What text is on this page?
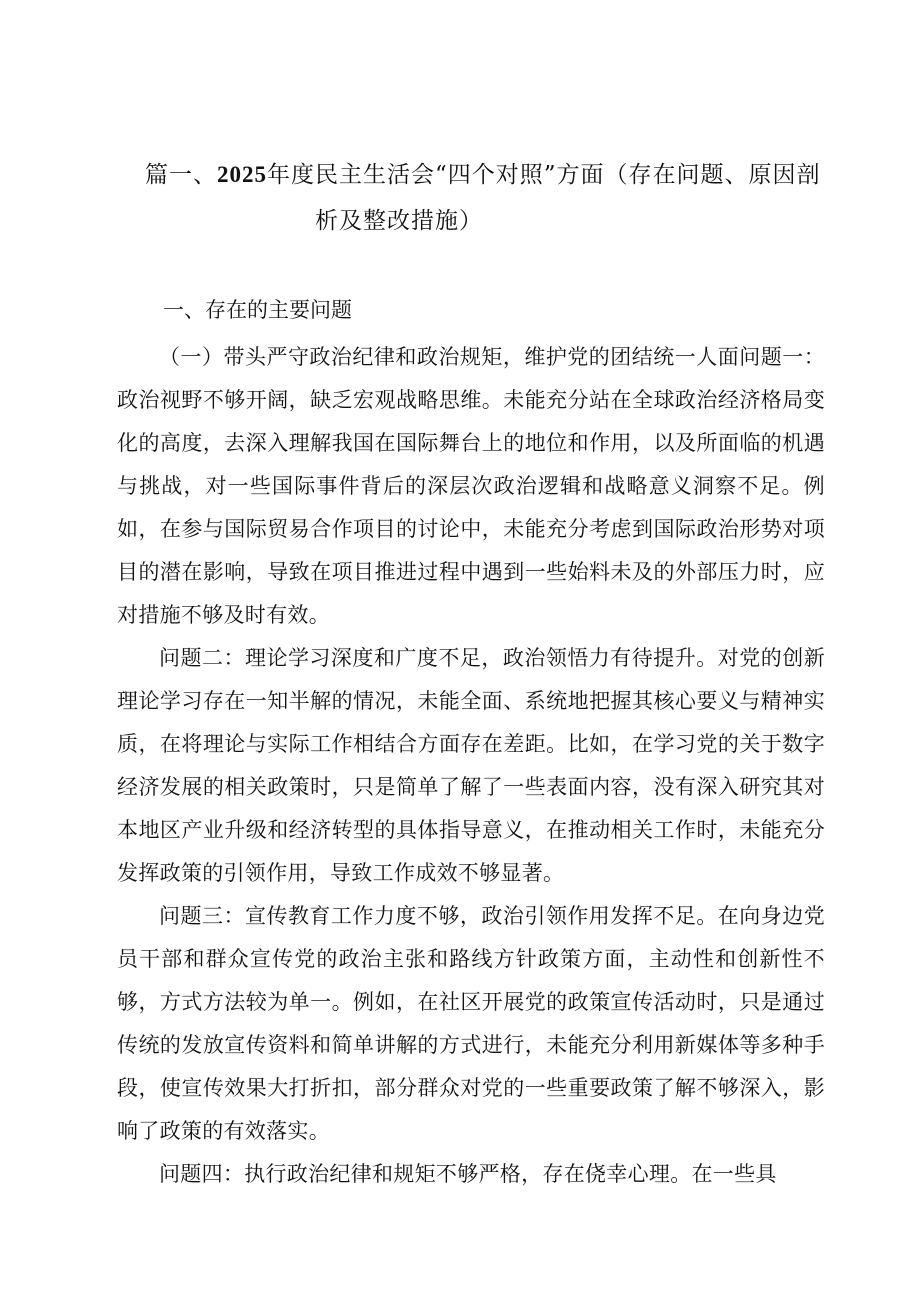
篇一、2025年度民主生活会“四个对照”方面（存在问题、原因剖
析及整改措施）

一、存在的主要问题

（一）带头严守政治纪律和政治规矩，维护党的团结统一人面问题一：政治视野不够开阔，缺乏宏观战略思维。未能充分站在全球政治经济格局变化的高度，去深入理解我国在国际舞台上的地位和作用，以及所面临的机遇与挑战，对一些国际事件背后的深层次政治逻辑和战略意义洞察不足。例如，在参与国际贸易合作项目的讨论中，未能充分考虑到国际政治形势对项目的潜在影响，导致在项目推进过程中遇到一些始料未及的外部压力时，应对措施不够及时有效。

问题二：理论学习深度和广度不足，政治领悟力有待提升。对党的创新理论学习存在一知半解的情况，未能全面、系统地把握其核心要义与精神实质，在将理论与实际工作相结合方面存在差距。比如，在学习党的关于数字经济发展的相关政策时，只是简单了解了一些表面内容，没有深入研究其对本地区产业升级和经济转型的具体指导意义，在推动相关工作时，未能充分发挥政策的引领作用，导致工作成效不够显著。

问题三：宣传教育工作力度不够，政治引领作用发挥不足。在向身边党员干部和群众宣传党的政治主张和路线方针政策方面，主动性和创新性不够，方式方法较为单一。例如，在社区开展党的政策宣传活动时，只是通过传统的发放宣传资料和简单讲解的方式进行，未能充分利用新媒体等多种手段，使宣传效果大打折扣，部分群众对党的一些重要政策了解不够深入，影响了政策的有效落实。

问题四：执行政治纪律和规矩不够严格，存在侥幸心理。在一些具
